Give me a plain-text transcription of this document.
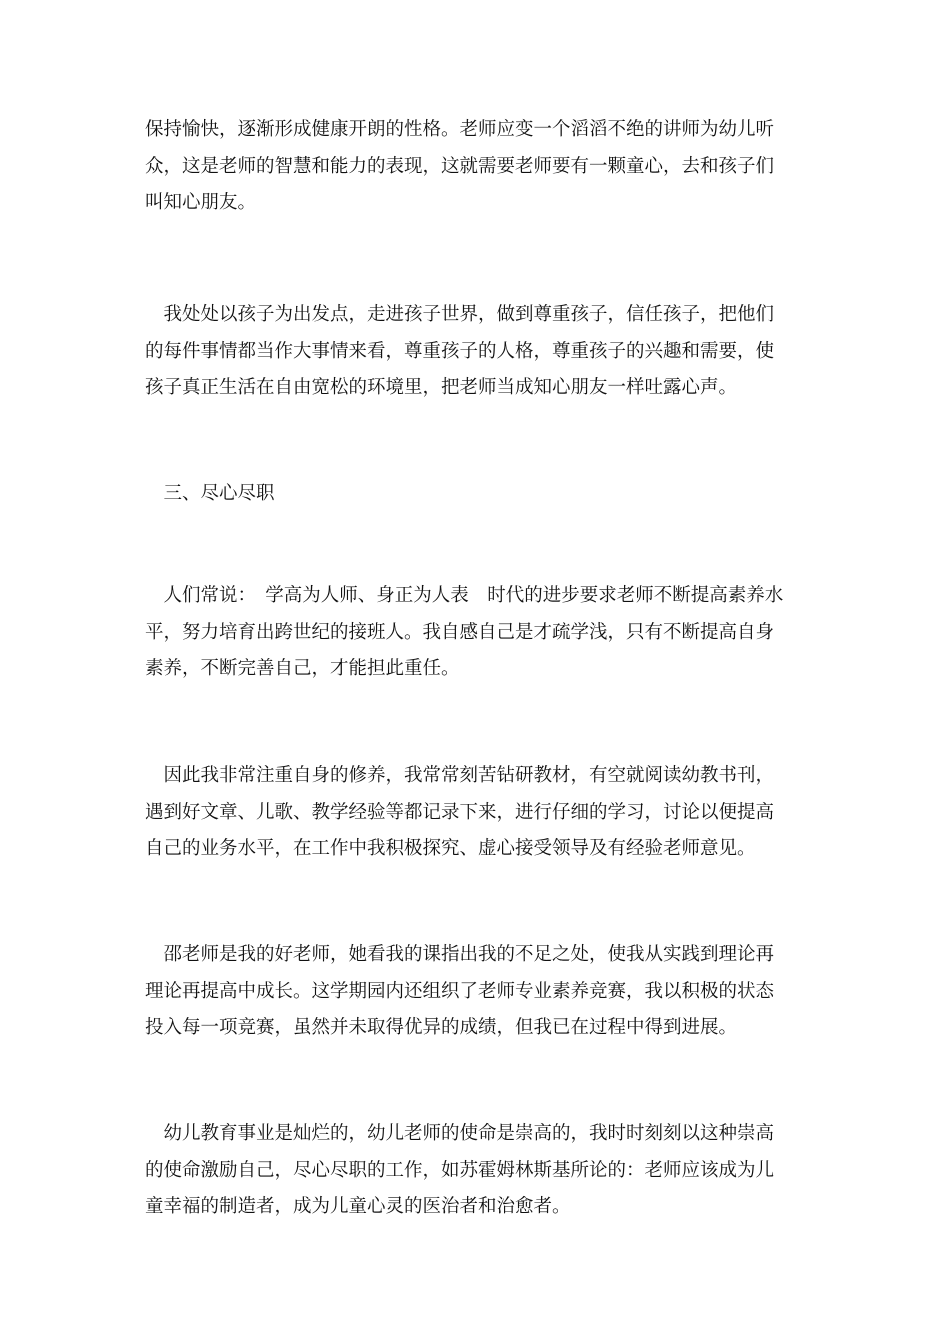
保持愉快，逐渐形成健康开朗的性格。老师应变一个滔滔不绝的讲师为幼儿听
众，这是老师的智慧和能力的表现，这就需要老师要有一颗童心，去和孩子们
叫知心朋友。
　我处处以孩子为出发点，走进孩子世界，做到尊重孩子，信任孩子，把他们
的每件事情都当作大事情来看，尊重孩子的人格，尊重孩子的兴趣和需要，使
孩子真正生活在自由宽松的环境里，把老师当成知心朋友一样吐露心声。
　三、尽心尽职
　人们常说：　学高为人师、身正为人表　时代的进步要求老师不断提高素养水
平，努力培育出跨世纪的接班人。我自感自己是才疏学浅，只有不断提高自身
素养，不断完善自己，才能担此重任。
　因此我非常注重自身的修养，我常常刻苦钻研教材，有空就阅读幼教书刊，
遇到好文章、儿歌、教学经验等都记录下来，进行仔细的学习，讨论以便提高
自己的业务水平，在工作中我积极探究、虚心接受领导及有经验老师意见。
　邵老师是我的好老师，她看我的课指出我的不足之处，使我从实践到理论再
理论再提高中成长。这学期园内还组织了老师专业素养竞赛，我以积极的状态
投入每一项竞赛，虽然并未取得优异的成绩，但我已在过程中得到进展。
　幼儿教育事业是灿烂的，幼儿老师的使命是崇高的，我时时刻刻以这种崇高
的使命激励自己，尽心尽职的工作，如苏霍姆林斯基所论的：老师应该成为儿
童幸福的制造者，成为儿童心灵的医治者和治愈者。
